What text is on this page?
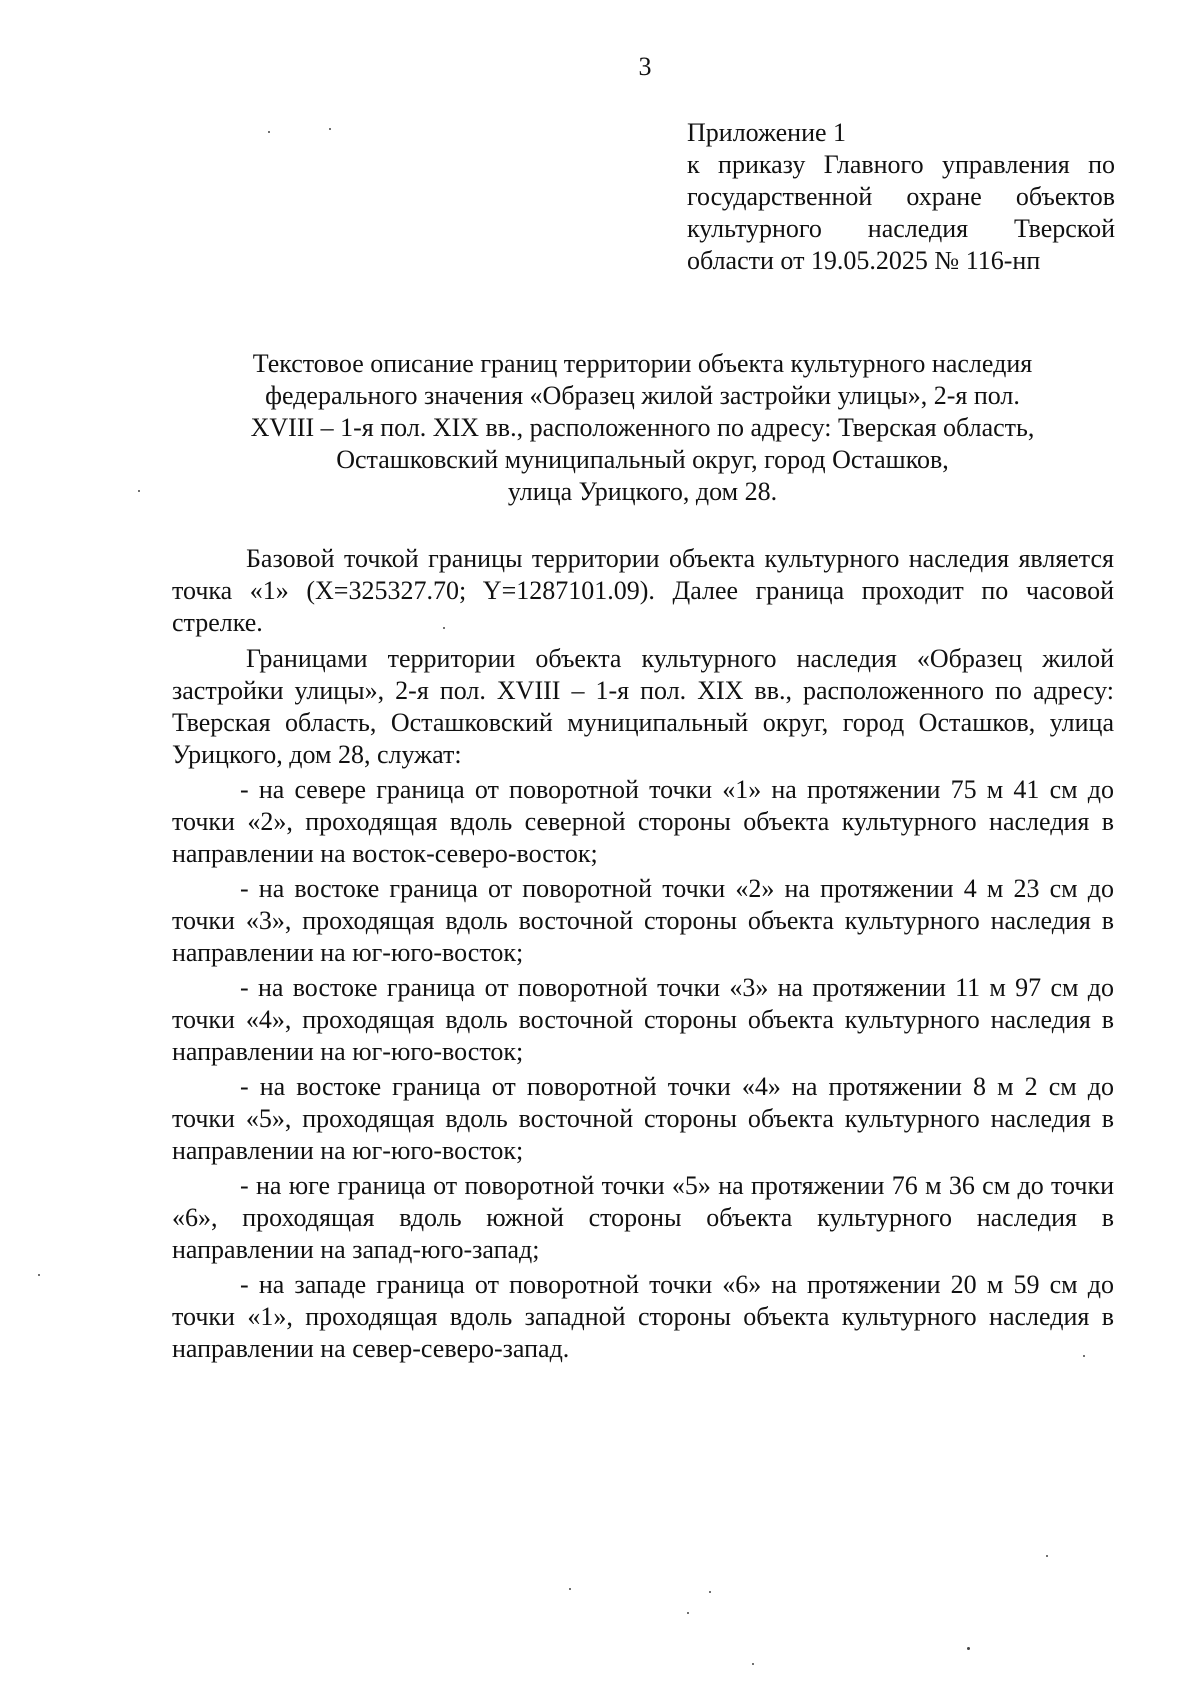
3
Приложение 1
к приказу Главного управления по государственной охране объектов культурного наследия Тверской области от 19.05.2025 № 116-нп
Текстовое описание границ территории объекта культурного наследия
федерального значения «Образец жилой застройки улицы», 2-я пол.
XVIII – 1-я пол. XIX вв., расположенного по адресу: Тверская область,
Осташковский муниципальный округ, город Осташков,
улица Урицкого, дом 28.

Базовой точкой границы территории объекта культурного наследия является точка «1» (X=325327.70; Y=1287101.09). Далее граница проходит по часовой стрелке.

Границами территории объекта культурного наследия «Образец жилой застройки улицы», 2-я пол. XVIII – 1-я пол. XIX вв., расположенного по адресу: Тверская область, Осташковский муниципальный округ, город Осташков, улица Урицкого, дом 28, служат:

- на севере граница от поворотной точки «1» на протяжении 75 м 41 см до точки «2», проходящая вдоль северной стороны объекта культурного наследия в направлении на восток-северо-восток;

- на востоке граница от поворотной точки «2» на протяжении 4 м 23 см до точки «3», проходящая вдоль восточной стороны объекта культурного наследия в направлении на юг-юго-восток;

- на востоке граница от поворотной точки «3» на протяжении 11 м 97 см до точки «4», проходящая вдоль восточной стороны объекта культурного наследия в направлении на юг-юго-восток;

- на востоке граница от поворотной точки «4» на протяжении 8 м 2 см до точки «5», проходящая вдоль восточной стороны объекта культурного наследия в направлении на юг-юго-восток;

- на юге граница от поворотной точки «5» на протяжении 76 м 36 см до точки «6», проходящая вдоль южной стороны объекта культурного наследия в направлении на запад-юго-запад;

- на западе граница от поворотной точки «6» на протяжении 20 м 59 см до точки «1», проходящая вдоль западной стороны объекта культурного наследия в направлении на север-северо-запад.
